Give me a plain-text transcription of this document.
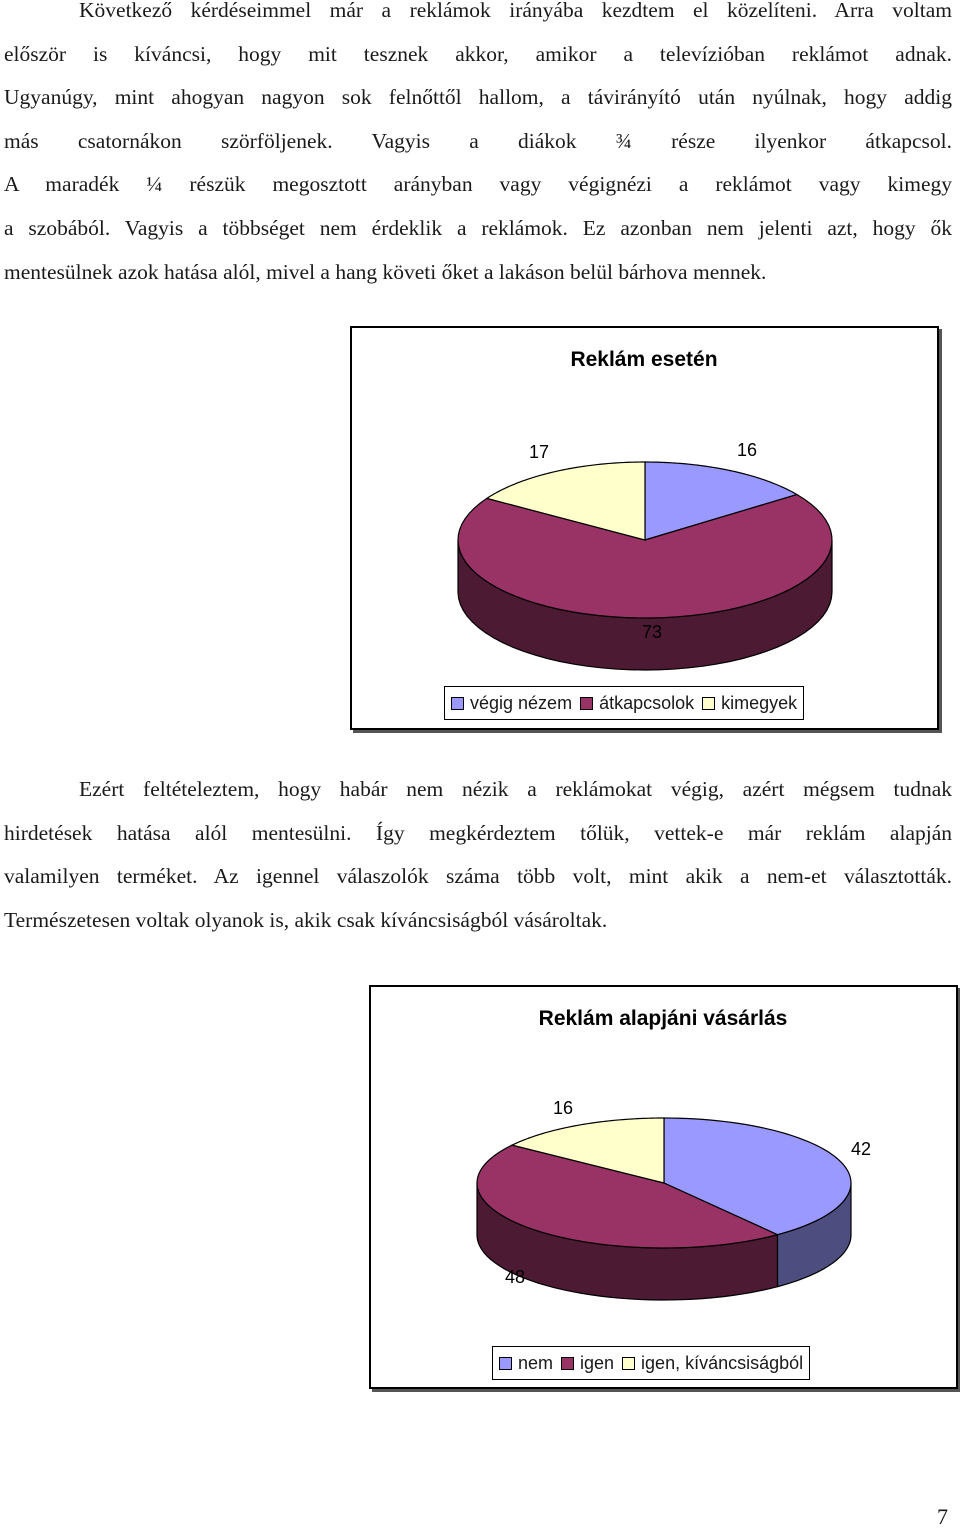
Következő kérdéseimmel már a reklámok irányába kezdtem el közelíteni. Arra voltam
először is kíváncsi, hogy mit tesznek akkor, amikor a televízióban reklámot adnak.
Ugyanúgy, mint ahogyan nagyon sok felnőttől hallom, a távirányító után nyúlnak, hogy addig
más csatornákon szörföljenek. Vagyis a diákok ¾ része ilyenkor átkapcsol.
A maradék ¼ részük megosztott arányban vagy végignézi a reklámot vagy kimegy
a szobából. Vagyis a többséget nem érdeklik a reklámok. Ez azonban nem jelenti azt, hogy ők
mentesülnek azok hatása alól, mivel a hang követi őket a lakáson belül bárhova mennek.
Reklám esetén
16
73
17
végig nézem átkapcsolok kimegyek
Ezért feltételeztem, hogy habár nem nézik a reklámokat végig, azért mégsem tudnak
hirdetések hatása alól mentesülni. Így megkérdeztem tőlük, vettek-e már reklám alapján
valamilyen terméket. Az igennel válaszolók száma több volt, mint akik a nem-et választották.
Természetesen voltak olyanok is, akik csak kíváncsiságból vásároltak.
Reklám alapjáni vásárlás
42
48
16
nem igen igen, kíváncsiságból
7
